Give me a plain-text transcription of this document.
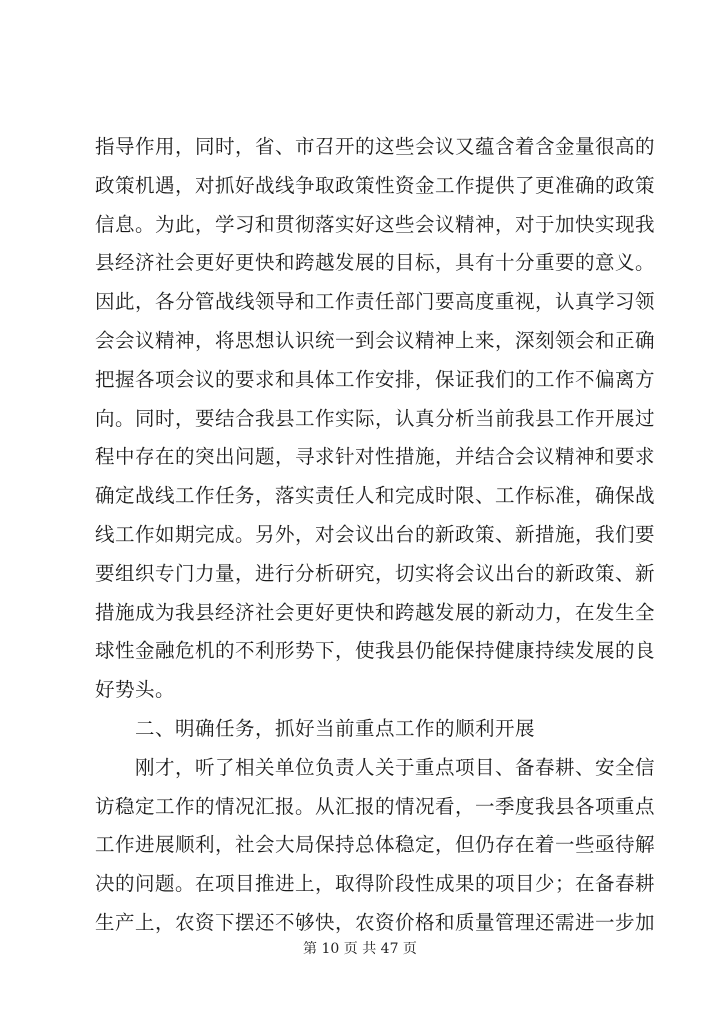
指导作用，同时，省、市召开的这些会议又蕴含着含金量很高的
政策机遇，对抓好战线争取政策性资金工作提供了更准确的政策
信息。为此，学习和贯彻落实好这些会议精神，对于加快实现我
县经济社会更好更快和跨越发展的目标，具有十分重要的意义。
因此，各分管战线领导和工作责任部门要高度重视，认真学习领
会会议精神，将思想认识统一到会议精神上来，深刻领会和正确
把握各项会议的要求和具体工作安排，保证我们的工作不偏离方
向。同时，要结合我县工作实际，认真分析当前我县工作开展过
程中存在的突出问题，寻求针对性措施，并结合会议精神和要求
确定战线工作任务，落实责任人和完成时限、工作标准，确保战
线工作如期完成。另外，对会议出台的新政策、新措施，我们要
要组织专门力量，进行分析研究，切实将会议出台的新政策、新
措施成为我县经济社会更好更快和跨越发展的新动力，在发生全
球性金融危机的不利形势下，使我县仍能保持健康持续发展的良
好势头。
二、明确任务，抓好当前重点工作的顺利开展
刚才，听了相关单位负责人关于重点项目、备春耕、安全信
访稳定工作的情况汇报。从汇报的情况看，一季度我县各项重点
工作进展顺利，社会大局保持总体稳定，但仍存在着一些亟待解
决的问题。在项目推进上，取得阶段性成果的项目少；在备春耕
生产上，农资下摆还不够快，农资价格和质量管理还需进一步加
第 10 页 共 47 页
